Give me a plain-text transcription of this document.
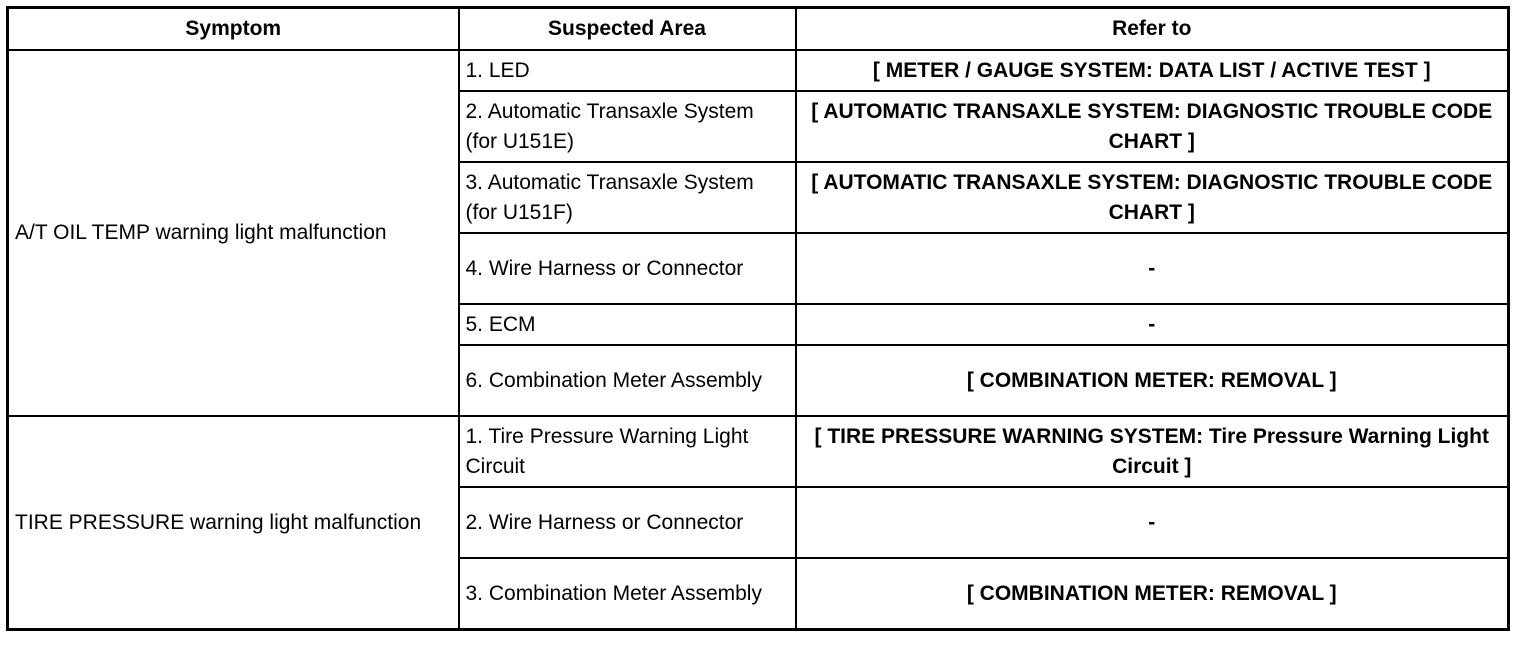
Symptom	Suspected Area	Refer to
A/T OIL TEMP warning light malfunction	1. LED	[ METER / GAUGE SYSTEM: DATA LIST / ACTIVE TEST ]
	2. Automatic Transaxle System (for U151E)	[ AUTOMATIC TRANSAXLE SYSTEM: DIAGNOSTIC TROUBLE CODE CHART ]
	3. Automatic Transaxle System (for U151F)	[ AUTOMATIC TRANSAXLE SYSTEM: DIAGNOSTIC TROUBLE CODE CHART ]
	4. Wire Harness or Connector	-
	5. ECM	-
	6. Combination Meter Assembly	[ COMBINATION METER: REMOVAL ]
TIRE PRESSURE warning light malfunction	1. Tire Pressure Warning Light Circuit	[ TIRE PRESSURE WARNING SYSTEM: Tire Pressure Warning Light Circuit ]
	2. Wire Harness or Connector	-
	3. Combination Meter Assembly	[ COMBINATION METER: REMOVAL ]
